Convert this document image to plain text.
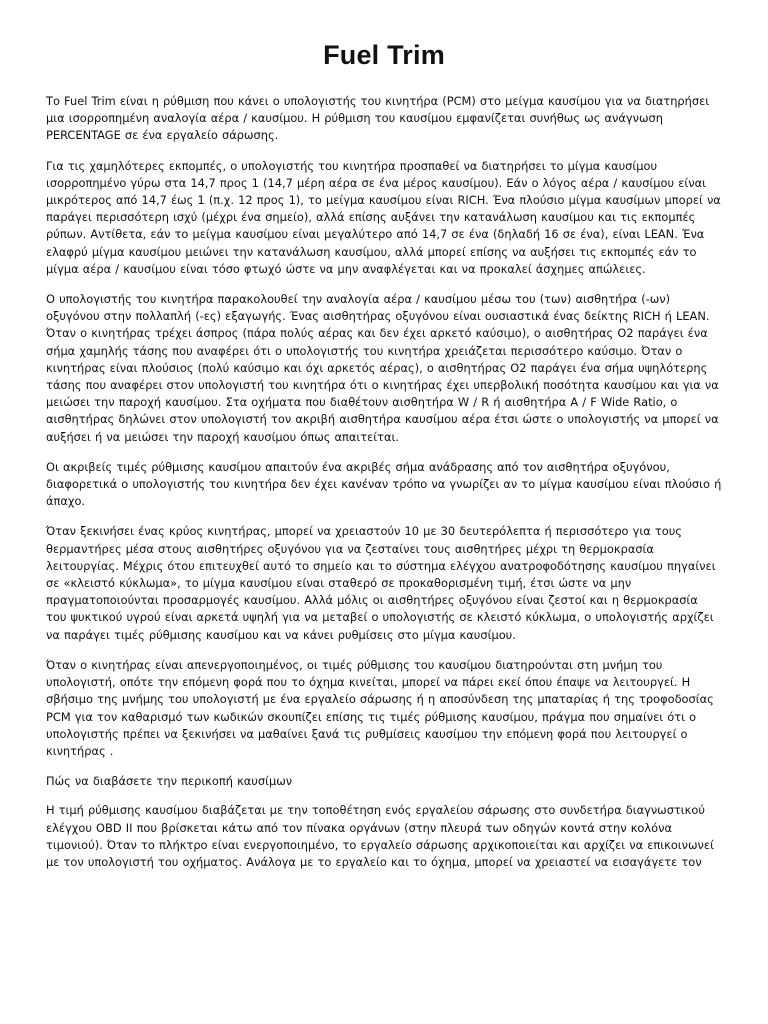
Fuel Trim

Το Fuel Trim είναι η ρύθμιση που κάνει ο υπολογιστής του κινητήρα (PCM) στο μείγμα καυσίμου για να διατηρήσει μια ισορροπημένη αναλογία αέρα / καυσίμου. Η ρύθμιση του καυσίμου εμφανίζεται συνήθως ως ανάγνωση PERCENTAGE σε ένα εργαλείο σάρωσης.

Για τις χαμηλότερες εκπομπές, ο υπολογιστής του κινητήρα προσπαθεί να διατηρήσει το μίγμα καυσίμου ισορροπημένο γύρω στα 14,7 προς 1 (14,7 μέρη αέρα σε ένα μέρος καυσίμου). Εάν ο λόγος αέρα / καυσίμου είναι μικρότερος από 14,7 έως 1 (π.χ. 12 προς 1), το μείγμα καυσίμου είναι RICH. Ένα πλούσιο μίγμα καυσίμων μπορεί να παράγει περισσότερη ισχύ (μέχρι ένα σημείο), αλλά επίσης αυξάνει την κατανάλωση καυσίμου και τις εκπομπές ρύπων. Αντίθετα, εάν το μείγμα καυσίμου είναι μεγαλύτερο από 14,7 σε ένα (δηλαδή 16 σε ένα), είναι LEAN. Ένα ελαφρύ μίγμα καυσίμου μειώνει την κατανάλωση καυσίμου, αλλά μπορεί επίσης να αυξήσει τις εκπομπές εάν το μίγμα αέρα / καυσίμου είναι τόσο φτωχό ώστε να μην αναφλέγεται και να προκαλεί άσχημες απώλειες.

Ο υπολογιστής του κινητήρα παρακολουθεί την αναλογία αέρα / καυσίμου μέσω του (των) αισθητήρα (-ων) οξυγόνου στην πολλαπλή (-ες) εξαγωγής. Ένας αισθητήρας οξυγόνου είναι ουσιαστικά ένας δείκτης RICH ή LEAN. Όταν ο κινητήρας τρέχει άσπρος (πάρα πολύς αέρας και δεν έχει αρκετό καύσιμο), ο αισθητήρας O2 παράγει ένα σήμα χαμηλής τάσης που αναφέρει ότι ο υπολογιστής του κινητήρα χρειάζεται περισσότερο καύσιμο. Όταν ο κινητήρας είναι πλούσιος (πολύ καύσιμο και όχι αρκετός αέρας), ο αισθητήρας O2 παράγει ένα σήμα υψηλότερης τάσης που αναφέρει στον υπολογιστή του κινητήρα ότι ο κινητήρας έχει υπερβολική ποσότητα καυσίμου και για να μειώσει την παροχή καυσίμου. Στα οχήματα που διαθέτουν αισθητήρα W / R ή αισθητήρα A / F Wide Ratio, ο αισθητήρας δηλώνει στον υπολογιστή τον ακριβή αισθητήρα καυσίμου αέρα έτσι ώστε ο υπολογιστής να μπορεί να αυξήσει ή να μειώσει την παροχή καυσίμου όπως απαιτείται.

Οι ακριβείς τιμές ρύθμισης καυσίμου απαιτούν ένα ακριβές σήμα ανάδρασης από τον αισθητήρα οξυγόνου, διαφορετικά ο υπολογιστής του κινητήρα δεν έχει κανέναν τρόπο να γνωρίζει αν το μίγμα καυσίμου είναι πλούσιο ή άπαχο.

Όταν ξεκινήσει ένας κρύος κινητήρας, μπορεί να χρειαστούν 10 με 30 δευτερόλεπτα ή περισσότερο για τους θερμαντήρες μέσα στους αισθητήρες οξυγόνου για να ζεσταίνει τους αισθητήρες μέχρι τη θερμοκρασία λειτουργίας. Μέχρις ότου επιτευχθεί αυτό το σημείο και το σύστημα ελέγχου ανατροφοδότησης καυσίμου πηγαίνει σε «κλειστό κύκλωμα», το μίγμα καυσίμου είναι σταθερό σε προκαθορισμένη τιμή, έτσι ώστε να μην πραγματοποιούνται προσαρμογές καυσίμου. Αλλά μόλις οι αισθητήρες οξυγόνου είναι ζεστοί και η θερμοκρασία του ψυκτικού υγρού είναι αρκετά υψηλή για να μεταβεί ο υπολογιστής σε κλειστό κύκλωμα, ο υπολογιστής αρχίζει να παράγει τιμές ρύθμισης καυσίμου και να κάνει ρυθμίσεις στο μίγμα καυσίμου.

Όταν ο κινητήρας είναι απενεργοποιημένος, οι τιμές ρύθμισης του καυσίμου διατηρούνται στη μνήμη του υπολογιστή, οπότε την επόμενη φορά που το όχημα κινείται, μπορεί να πάρει εκεί όπου έπαψε να λειτουργεί. Η σβήσιμο της μνήμης του υπολογιστή με ένα εργαλείο σάρωσης ή η αποσύνδεση της μπαταρίας ή της τροφοδοσίας PCM για τον καθαρισμό των κωδικών σκουπίζει επίσης τις τιμές ρύθμισης καυσίμου, πράγμα που σημαίνει ότι ο υπολογιστής πρέπει να ξεκινήσει να μαθαίνει ξανά τις ρυθμίσεις καυσίμου την επόμενη φορά που λειτουργεί ο κινητήρας .

Πώς να διαβάσετε την περικοπή καυσίμων

Η τιμή ρύθμισης καυσίμου διαβάζεται με την τοποθέτηση ενός εργαλείου σάρωσης στο συνδετήρα διαγνωστικού ελέγχου OBD II που βρίσκεται κάτω από τον πίνακα οργάνων (στην πλευρά των οδηγών κοντά στην κολόνα τιμονιού). Όταν το πλήκτρο είναι ενεργοποιημένο, το εργαλείο σάρωσης αρχικοποιείται και αρχίζει να επικοινωνεί με τον υπολογιστή του οχήματος. Ανάλογα με το εργαλείο και το όχημα, μπορεί να χρειαστεί να εισαγάγετε τον
